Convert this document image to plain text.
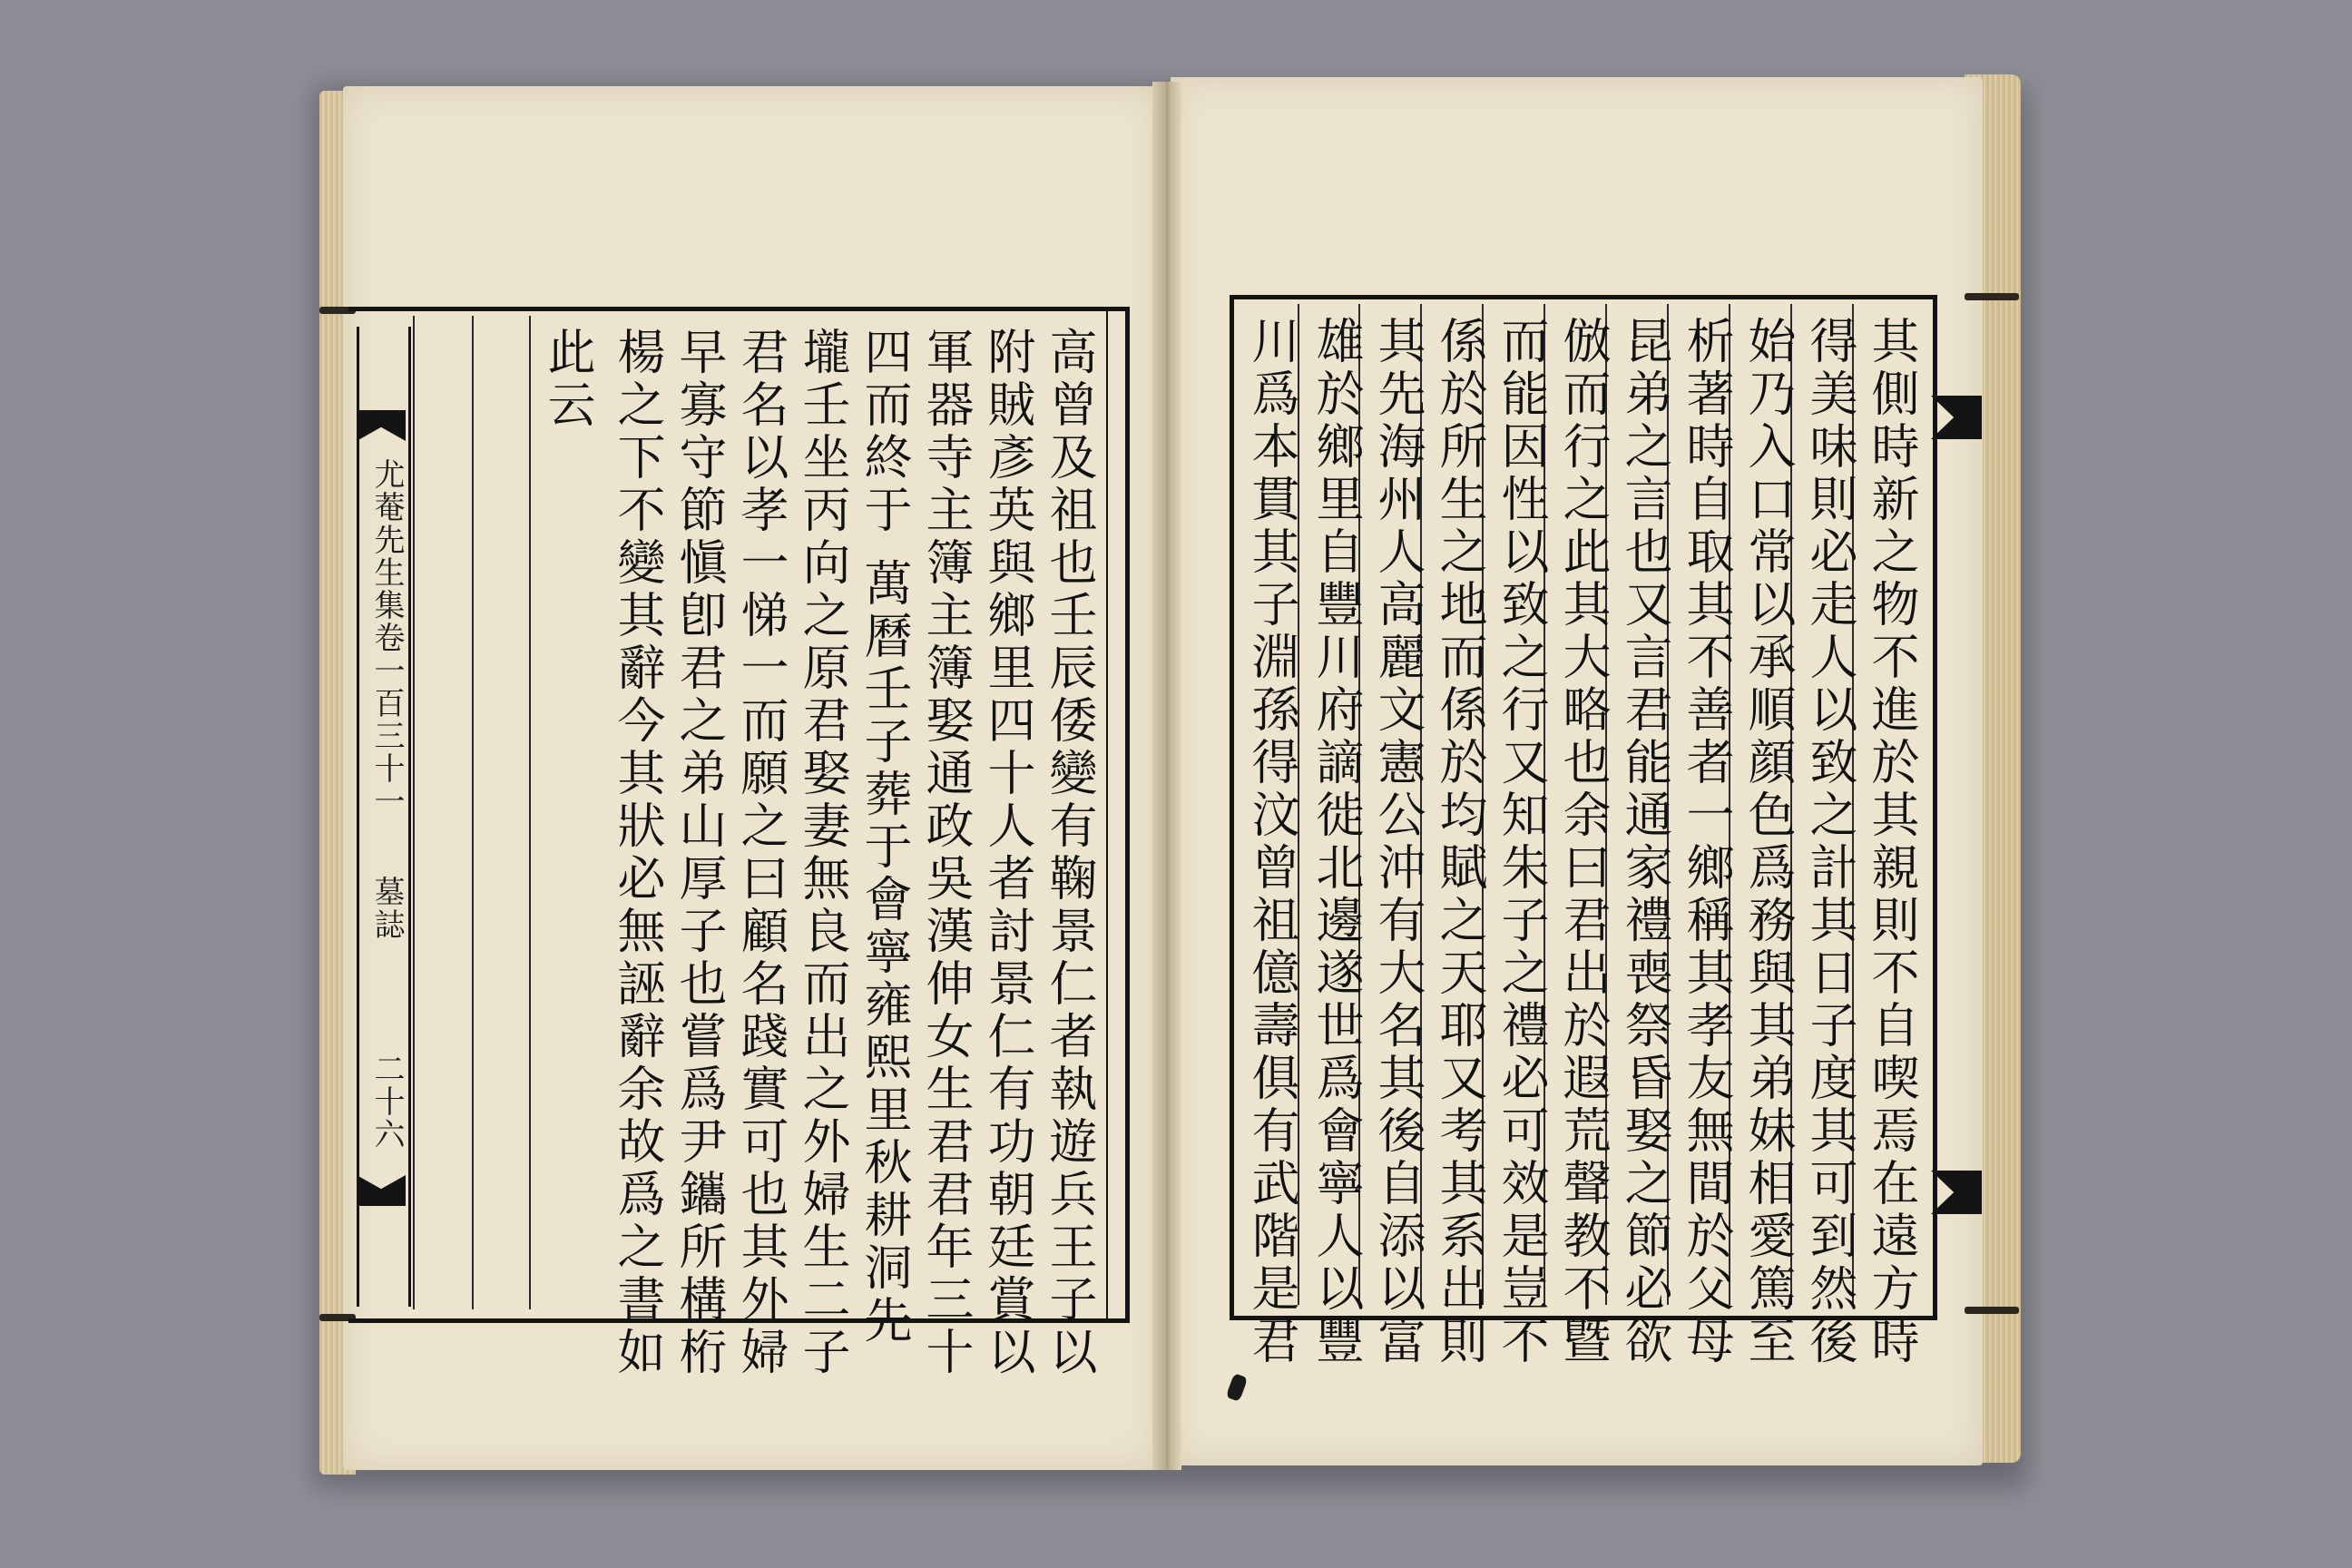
尤菴先生集卷一百三十一
墓誌
二十六	高曾及祖也壬辰倭變有鞠景仁者執遊兵王子以
附賊彥英與鄉里四十人者討景仁有功朝廷賞以
軍器寺主簿主簿娶通政吳漢伸女生君君年三十
四而終于
萬曆壬子葬于會寧雍熙里秋耕洞先
壠壬坐丙向之原君娶妻無良而出之外婦生二子
君名以孝一悌一而願之曰顧名踐實可也其外婦
早寡守節愼卽君之弟山厚子也嘗爲尹鑴所構桁
楊之下不變其辭今其狀必無誣辭余故爲之書如
此云	其側時新之物不進於其親則不自喫焉在遠方時
得美味則必走人以致之計其日子度其可到然後
始乃入口常以承順顔色爲務與其弟妹相愛篤至
析著時自取其不善者一鄉稱其孝友無間於父母
昆弟之言也又言君能通家禮喪祭昏娶之節必欲
倣而行之此其大略也余曰君出於遐荒聲教不曁
而能因性以致之行又知朱子之禮必可效是豈不
係於所生之地而係於均賦之天耶又考其系出則
其先海州人高麗文憲公沖有大名其後自添以富
雄於鄉里自豐川府謫徙北邊遂世爲會寧人以豐
川爲本貫其子淵孫得汶曾祖億壽俱有武階是君
